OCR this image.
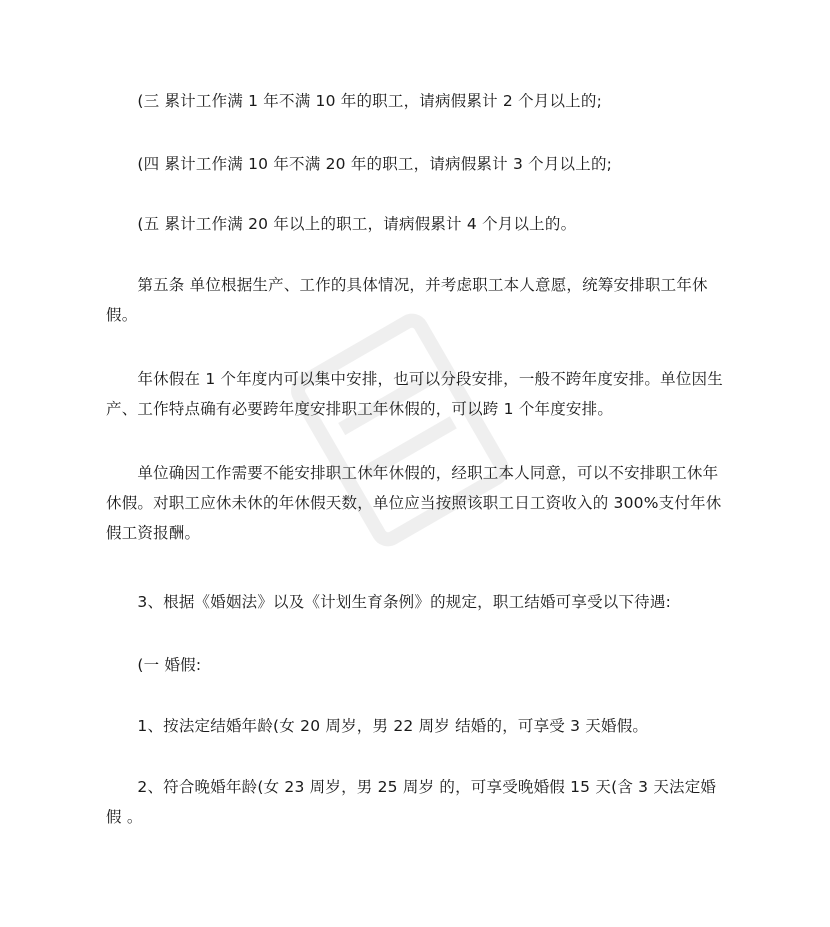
　　(三 累计工作满 1 年不满 10 年的职工，请病假累计 2 个月以上的;

　　(四 累计工作满 10 年不满 20 年的职工，请病假累计 3 个月以上的;

　　(五 累计工作满 20 年以上的职工，请病假累计 4 个月以上的。

　　第五条 单位根据生产、工作的具体情况，并考虑职工本人意愿，统筹安排职工年休
假。

　　年休假在 1 个年度内可以集中安排，也可以分段安排，一般不跨年度安排。单位因生
产、工作特点确有必要跨年度安排职工年休假的，可以跨 1 个年度安排。

　　单位确因工作需要不能安排职工休年休假的，经职工本人同意，可以不安排职工休年
休假。对职工应休未休的年休假天数，单位应当按照该职工日工资收入的 300%支付年休
假工资报酬。

　　3、根据《婚姻法》以及《计划生育条例》的规定，职工结婚可享受以下待遇:

　　(一 婚假:

　　1、按法定结婚年龄(女 20 周岁，男 22 周岁 结婚的，可享受 3 天婚假。

　　2、符合晚婚年龄(女 23 周岁，男 25 周岁 的，可享受晚婚假 15 天(含 3 天法定婚
假 。
